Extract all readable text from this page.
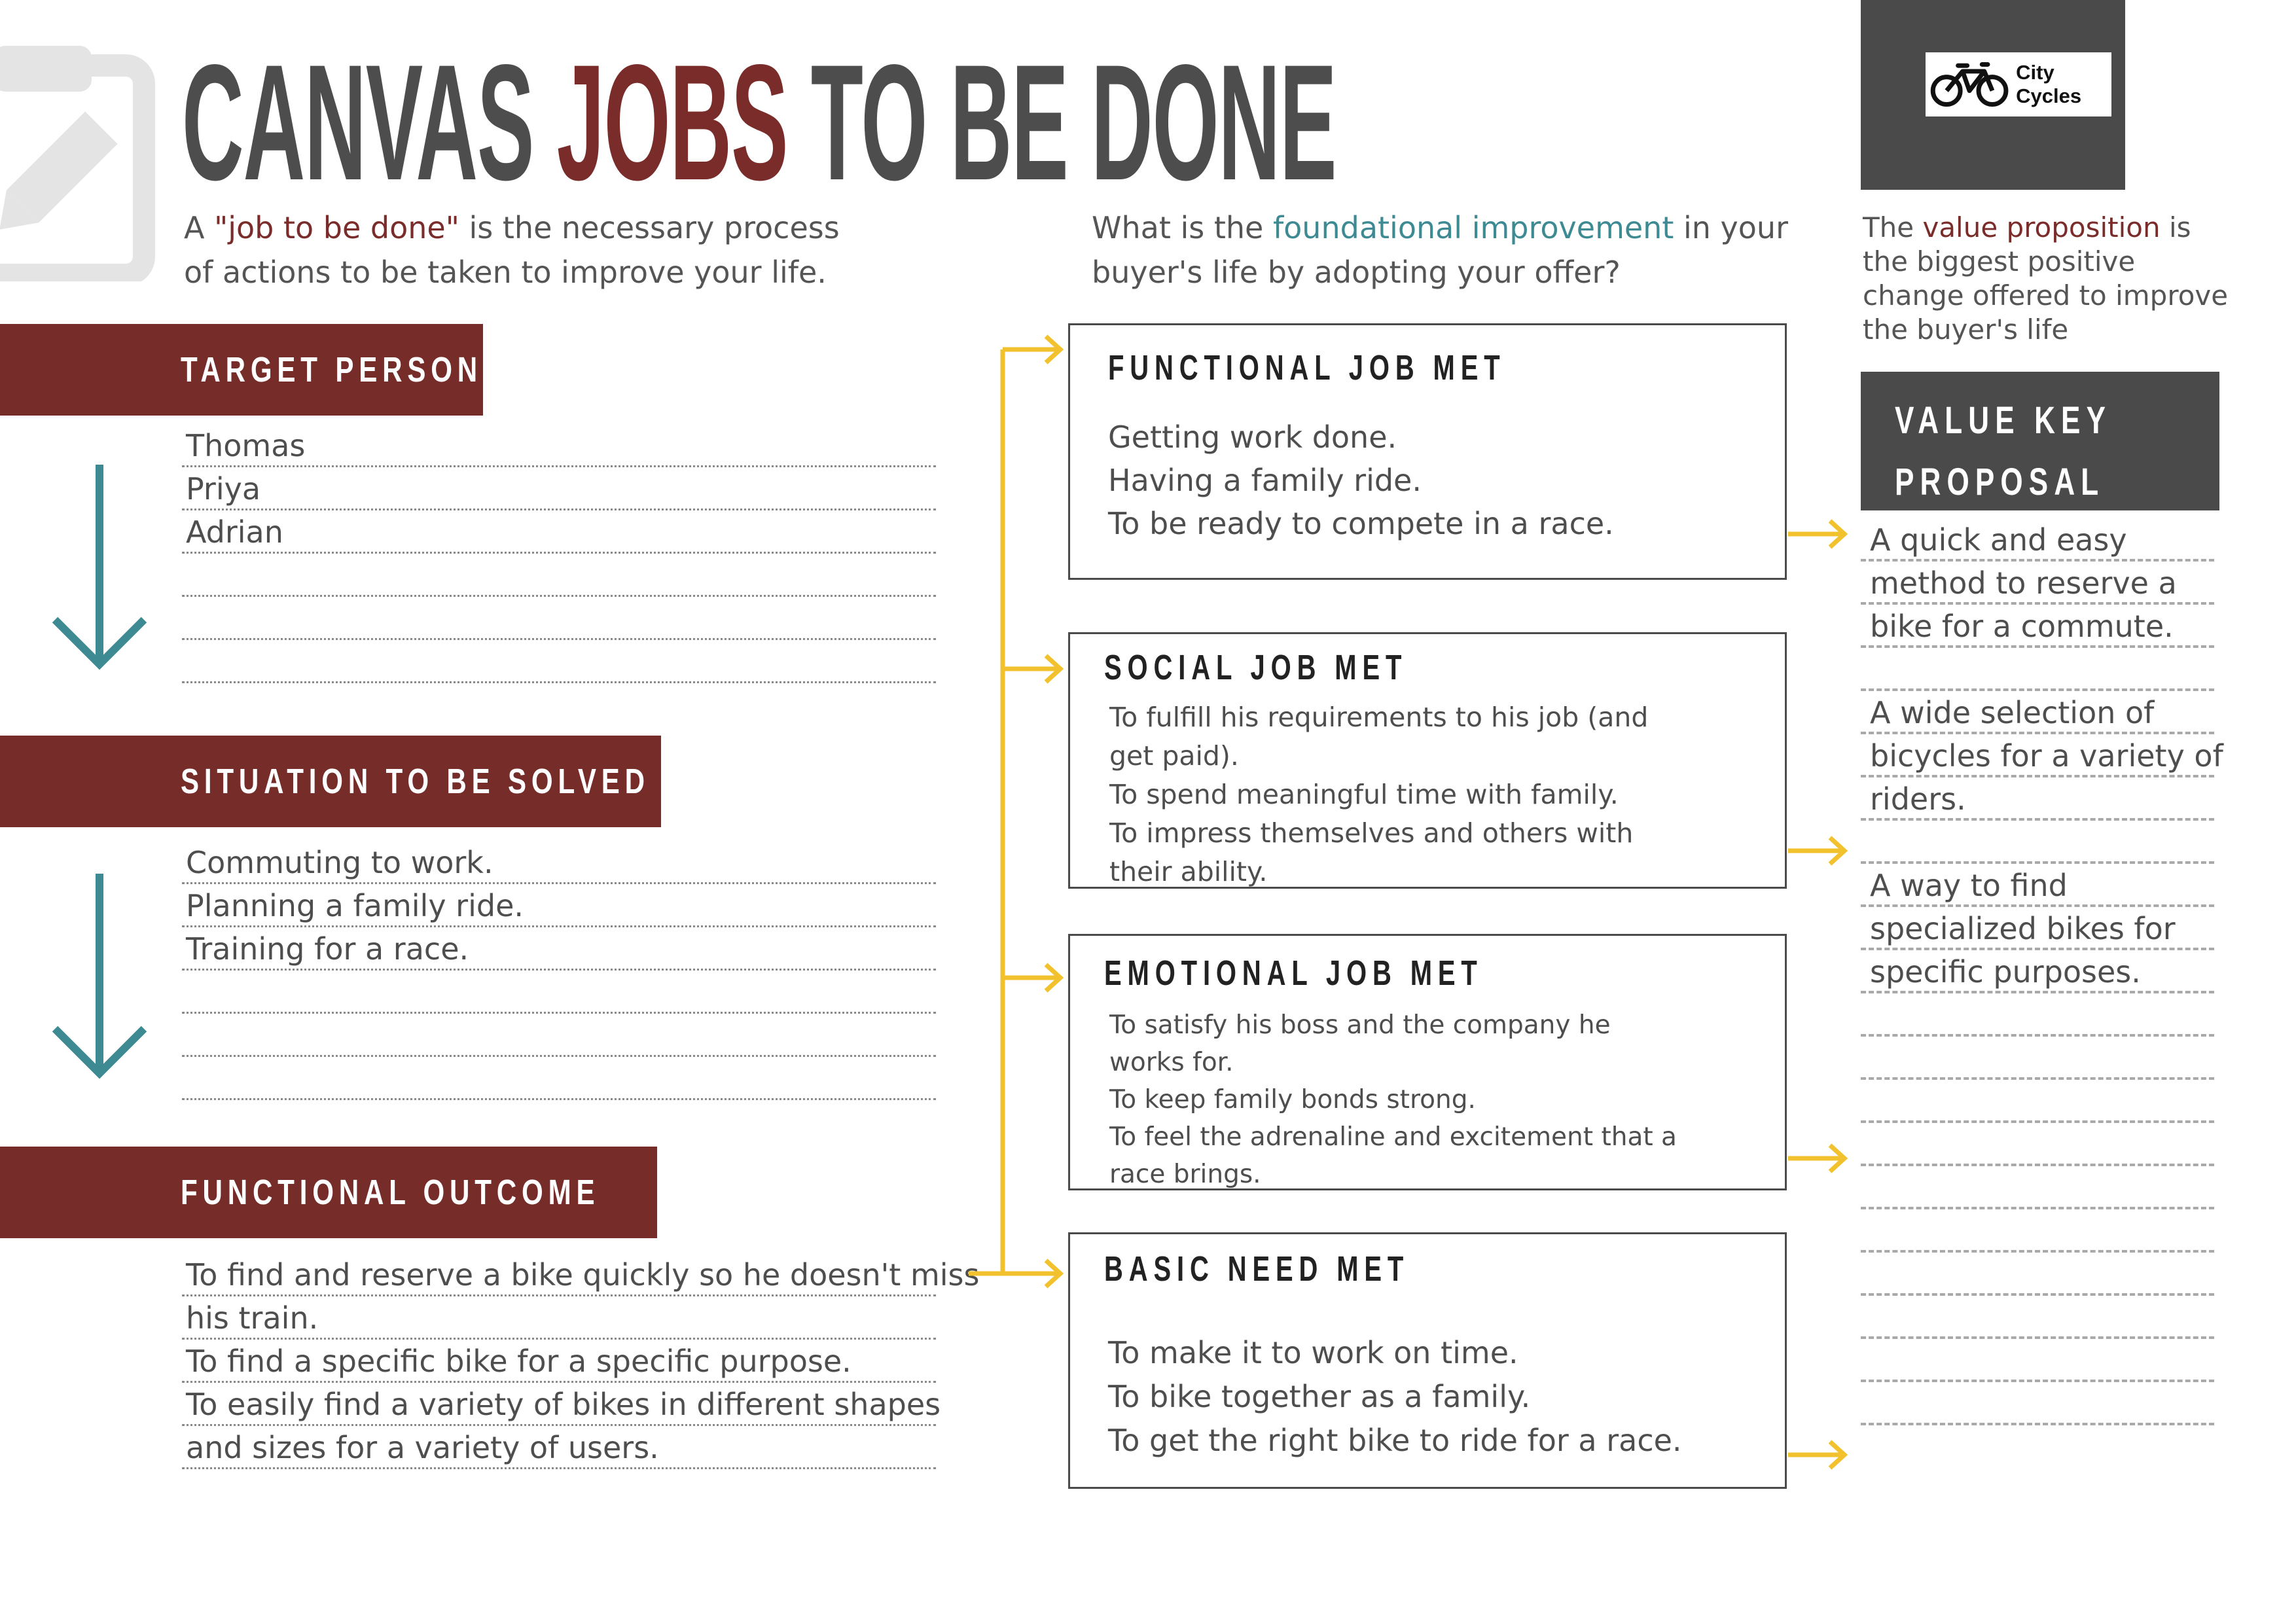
CANVAS JOBS TO BE DONE
A "job to be done" is the necessary process
of actions to be taken to improve your life.
What is the foundational improvement in your
buyer's life by adopting your offer?
The value proposition is
the biggest positive
change offered to improve
the buyer's life
City Cycles
TARGET PERSON
Thomas
Priya
Adrian
SITUATION TO BE SOLVED
Commuting to work.
Planning a family ride.
Training for a race.
FUNCTIONAL OUTCOME
To find and reserve a bike quickly so he doesn't miss
his train.
To find a specific bike for a specific purpose.
To easily find a variety of bikes in different shapes
and sizes for a variety of users.
FUNCTIONAL JOB MET
Getting work done.
Having a family ride.
To be ready to compete in a race.
SOCIAL JOB MET
To fulfill his requirements to his job (and get paid).
To spend meaningful time with family.
To impress themselves and others with their ability.
EMOTIONAL JOB MET
To satisfy his boss and the company he works for.
To keep family bonds strong.
To feel the adrenaline and excitement that a race brings.
BASIC NEED MET
To make it to work on time.
To bike together as a family.
To get the right bike to ride for a race.
VALUE KEY
PROPOSAL
A quick and easy
method to reserve a
bike for a commute.
A wide selection of
bicycles for a variety of
riders.
A way to find
specialized bikes for
specific purposes.
